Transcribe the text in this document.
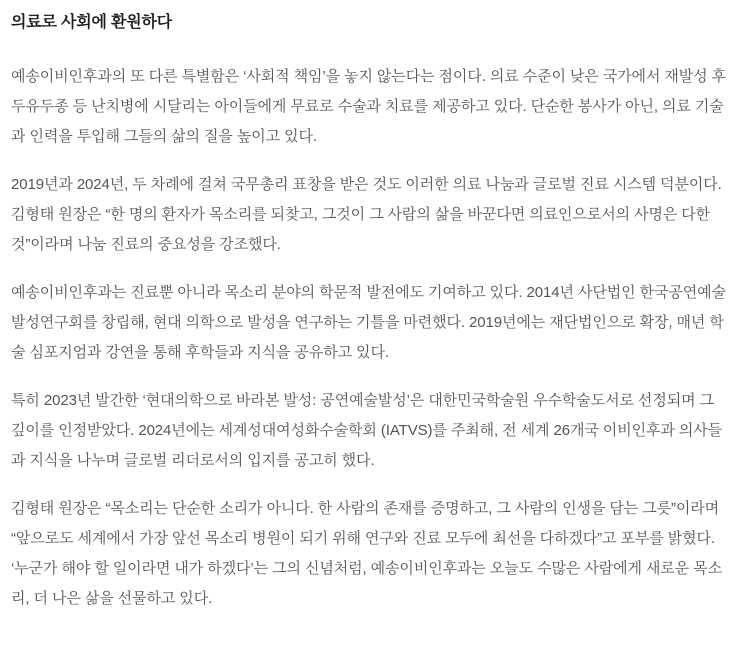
의료로 사회에 환원하다

예송이비인후과의 또 다른 특별함은 ‘사회적 책임’을 놓지 않는다는 점이다. 의료 수준이 낮은 국가에서 재발성 후두유두종 등 난치병에 시달리는 아이들에게 무료로 수술과 치료를 제공하고 있다. 단순한 봉사가 아닌, 의료 기술과 인력을 투입해 그들의 삶의 질을 높이고 있다.

2019년과 2024년, 두 차례에 걸쳐 국무총리 표창을 받은 것도 이러한 의료 나눔과 글로벌 진료 시스템 덕분이다. 김형태 원장은 “한 명의 환자가 목소리를 되찾고, 그것이 그 사람의 삶을 바꾼다면 의료인으로서의 사명은 다한 것”이라며 나눔 진료의 중요성을 강조했다.

예송이비인후과는 진료뿐 아니라 목소리 분야의 학문적 발전에도 기여하고 있다. 2014년 사단법인 한국공연예술발성연구회를 창립해, 현대 의학으로 발성을 연구하는 기틀을 마련했다. 2019년에는 재단법인으로 확장, 매년 학술 심포지엄과 강연을 통해 후학들과 지식을 공유하고 있다.

특히 2023년 발간한 ‘현대의학으로 바라본 발성: 공연예술발성’은 대한민국학술원 우수학술도서로 선정되며 그 깊이를 인정받았다. 2024년에는 세계성대여성화수술학회 (IATVS)를 주최해, 전 세계 26개국 이비인후과 의사들과 지식을 나누며 글로벌 리더로서의 입지를 공고히 했다.

김형태 원장은 “목소리는 단순한 소리가 아니다. 한 사람의 존재를 증명하고, 그 사람의 인생을 담는 그릇”이라며 “앞으로도 세계에서 가장 앞선 목소리 병원이 되기 위해 연구와 진료 모두에 최선을 다하겠다”고 포부를 밝혔다. ‘누군가 해야 할 일이라면 내가 하겠다’는 그의 신념처럼, 예송이비인후과는 오늘도 수많은 사람에게 새로운 목소리, 더 나은 삶을 선물하고 있다.
